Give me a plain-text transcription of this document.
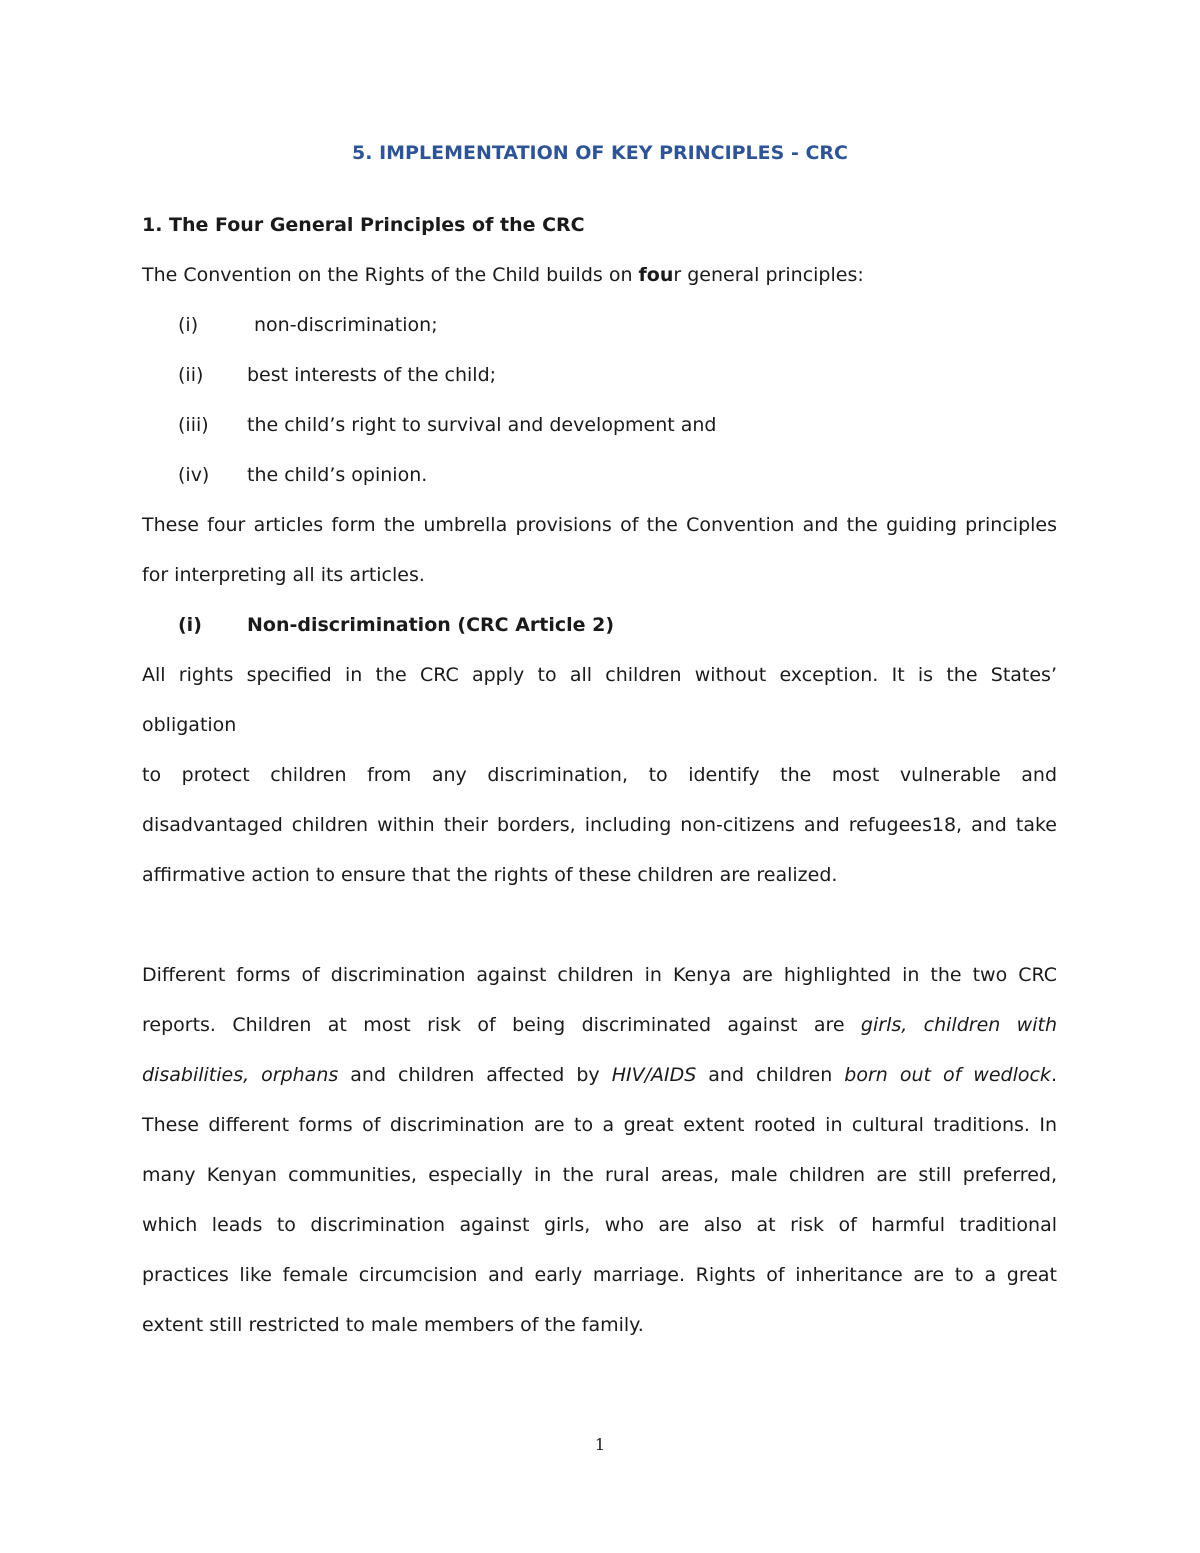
5. IMPLEMENTATION OF KEY PRINCIPLES - CRC
1. The Four General Principles of the CRC
The Convention on the Rights of the Child builds on four general principles:
(i)	non-discrimination;
(ii) best interests of the child;
(iii) the child’s right to survival and development and
(iv) the child’s opinion.
These four articles form the umbrella provisions of the Convention and the guiding principles
for interpreting all its articles.
(i) Non-discrimination (CRC Article 2)
All rights specified in the CRC apply to all children without exception. It is the States’
obligation
to protect children from any discrimination, to identify the most vulnerable and
disadvantaged children within their borders, including non-citizens and refugees18, and take
affirmative action to ensure that the rights of these children are realized.
Different forms of discrimination against children in Kenya are highlighted in the two CRC
reports. Children at most risk of being discriminated against are girls, children with
disabilities, orphans and children affected by HIV/AIDS and children born out of wedlock.
These different forms of discrimination are to a great extent rooted in cultural traditions. In
many Kenyan communities, especially in the rural areas, male children are still preferred,
which leads to discrimination against girls, who are also at risk of harmful traditional
practices like female circumcision and early marriage. Rights of inheritance are to a great
extent still restricted to male members of the family.
1
